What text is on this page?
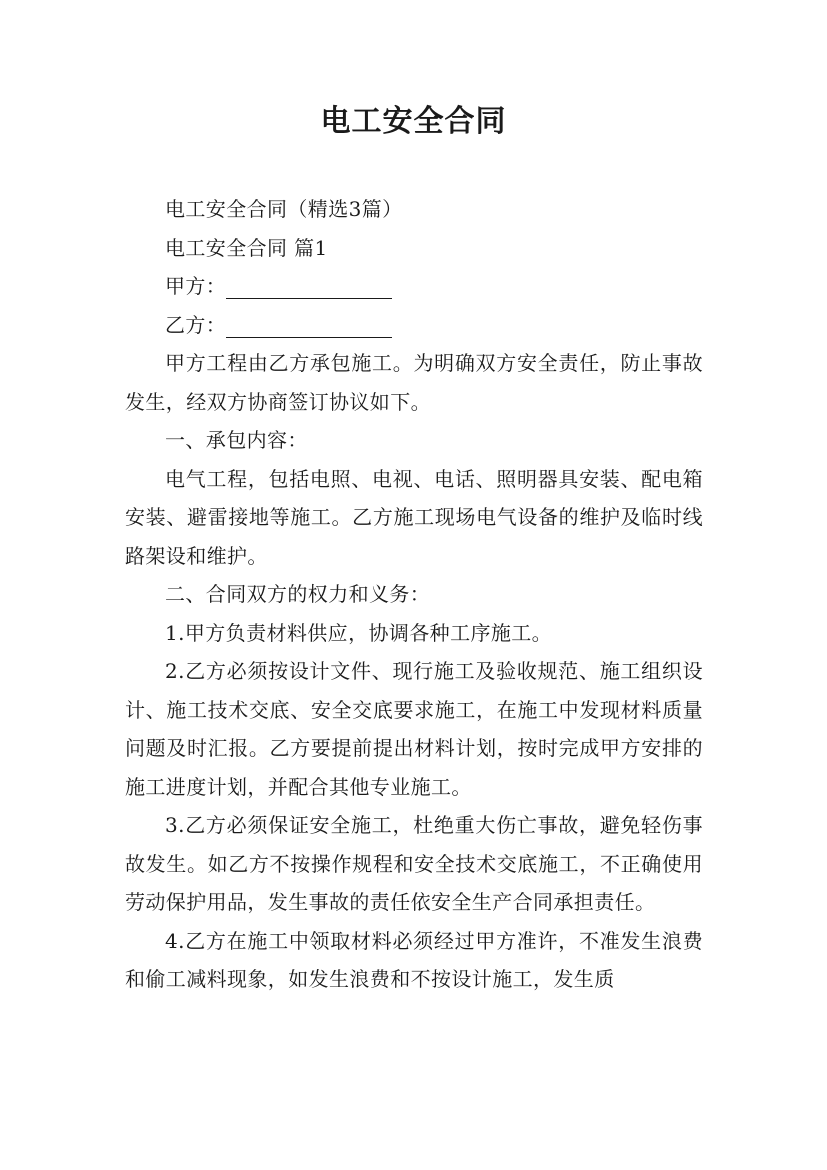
电工安全合同

电工安全合同（精选3篇）

电工安全合同 篇1

甲方：

乙方：

甲方工程由乙方承包施工。为明确双方安全责任，防止事故发生，经双方协商签订协议如下。

一、承包内容：

电气工程，包括电照、电视、电话、照明器具安装、配电箱安装、避雷接地等施工。乙方施工现场电气设备的维护及临时线路架设和维护。

二、合同双方的权力和义务：

1.甲方负责材料供应，协调各种工序施工。

2.乙方必须按设计文件、现行施工及验收规范、施工组织设计、施工技术交底、安全交底要求施工，在施工中发现材料质量问题及时汇报。乙方要提前提出材料计划，按时完成甲方安排的施工进度计划，并配合其他专业施工。

3.乙方必须保证安全施工，杜绝重大伤亡事故，避免轻伤事故发生。如乙方不按操作规程和安全技术交底施工，不正确使用劳动保护用品，发生事故的责任依安全生产合同承担责任。

4.乙方在施工中领取材料必须经过甲方准许，不准发生浪费和偷工减料现象，如发生浪费和不按设计施工，发生质
